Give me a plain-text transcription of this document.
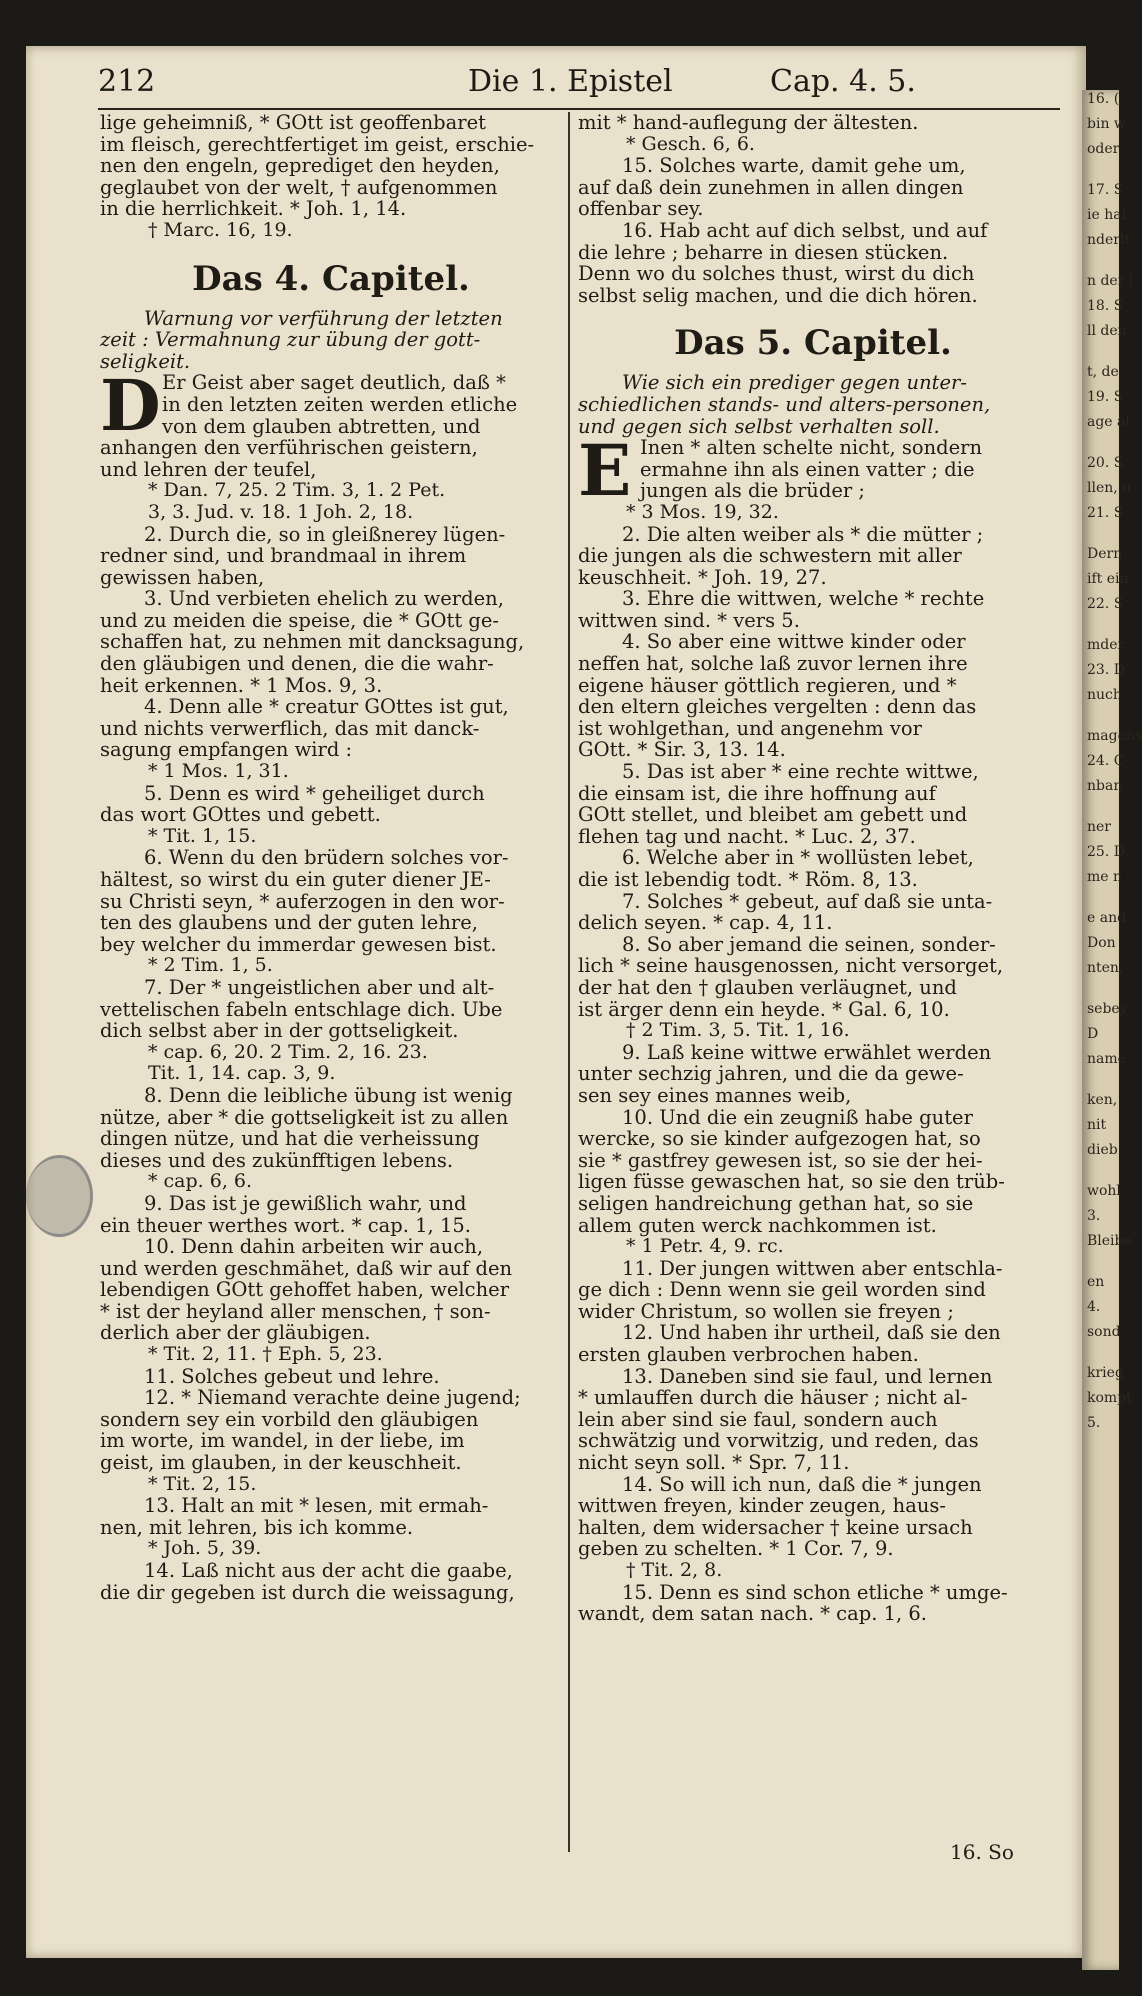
16. (
bin w
oder
17. S
ie hal
nderlt
n der l
18. S
ll den
t, de
19. S
age al
20. S
llen, u
21. S
Dern
ift ein
22. S
mder
23. D
nuch
magens
24. C
nbar,
ner
25. D
me n
e and
Don
nten,
sebey
D
name
ken,
nit
dieb
wohl
3.
Bleibe
en
4.
sond
krieg
kompt
5.
212	Die 1. Epistel	Cap. 4. 5.
lige geheimniß, * GOtt ist geoffenbaret
im fleisch, gerechtfertiget im geist, erschie-
nen den engeln, geprediget den heyden,
geglaubet von der welt, † aufgenommen
in die herrlichkeit. * Joh. 1, 14.
† Marc. 16, 19.
Das 4. Capitel.
Warnung vor verführung der letzten
zeit : Vermahnung zur übung der gott-
seligkeit.
D Er Geist aber saget deutlich, daß *
in den letzten zeiten werden etliche
von dem glauben abtretten, und
anhangen den verführischen geistern,
und lehren der teufel,
* Dan. 7, 25. 2 Tim. 3, 1. 2 Pet.
3, 3. Jud. v. 18. 1 Joh. 2, 18.
2. Durch die, so in gleißnerey lügen-
redner sind, und brandmaal in ihrem
gewissen haben,
3. Und verbieten ehelich zu werden,
und zu meiden die speise, die * GOtt ge-
schaffen hat, zu nehmen mit dancksagung,
den gläubigen und denen, die die wahr-
heit erkennen. * 1 Mos. 9, 3.
4. Denn alle * creatur GOttes ist gut,
und nichts verwerflich, das mit danck-
sagung empfangen wird :
* 1 Mos. 1, 31.
5. Denn es wird * geheiliget durch
das wort GOttes und gebett.
* Tit. 1, 15.
6. Wenn du den brüdern solches vor-
hältest, so wirst du ein guter diener JE-
su Christi seyn, * auferzogen in den wor-
ten des glaubens und der guten lehre,
bey welcher du immerdar gewesen bist.
* 2 Tim. 1, 5.
7. Der * ungeistlichen aber und alt-
vettelischen fabeln entschlage dich. Ube
dich selbst aber in der gottseligkeit.
* cap. 6, 20. 2 Tim. 2, 16. 23.
Tit. 1, 14. cap. 3, 9.
8. Denn die leibliche übung ist wenig
nütze, aber * die gottseligkeit ist zu allen
dingen nütze, und hat die verheissung
dieses und des zukünfftigen lebens.
* cap. 6, 6.
9. Das ist je gewißlich wahr, und
ein theuer werthes wort. * cap. 1, 15.
10. Denn dahin arbeiten wir auch,
und werden geschmähet, daß wir auf den
lebendigen GOtt gehoffet haben, welcher
* ist der heyland aller menschen, † son-
derlich aber der gläubigen.
* Tit. 2, 11. † Eph. 5, 23.
11. Solches gebeut und lehre.
12. * Niemand verachte deine jugend;
sondern sey ein vorbild den gläubigen
im worte, im wandel, in der liebe, im
geist, im glauben, in der keuschheit.
* Tit. 2, 15.
13. Halt an mit * lesen, mit ermah-
nen, mit lehren, bis ich komme.
* Joh. 5, 39.
14. Laß nicht aus der acht die gaabe,
die dir gegeben ist durch die weissagung,
mit * hand-auflegung der ältesten.
* Gesch. 6, 6.
15. Solches warte, damit gehe um,
auf daß dein zunehmen in allen dingen
offenbar sey.
16. Hab acht auf dich selbst, und auf
die lehre ; beharre in diesen stücken.
Denn wo du solches thust, wirst du dich
selbst selig machen, und die dich hören.
Das 5. Capitel.
Wie sich ein prediger gegen unter-
schiedlichen stands- und alters-personen,
und gegen sich selbst verhalten soll.
E Inen * alten schelte nicht, sondern
ermahne ihn als einen vatter ; die
jungen als die brüder ;
* 3 Mos. 19, 32.
2. Die alten weiber als * die mütter ;
die jungen als die schwestern mit aller
keuschheit. * Joh. 19, 27.
3. Ehre die wittwen, welche * rechte
wittwen sind. * vers 5.
4. So aber eine wittwe kinder oder
neffen hat, solche laß zuvor lernen ihre
eigene häuser göttlich regieren, und *
den eltern gleiches vergelten : denn das
ist wohlgethan, und angenehm vor
GOtt. * Sir. 3, 13. 14.
5. Das ist aber * eine rechte wittwe,
die einsam ist, die ihre hoffnung auf
GOtt stellet, und bleibet am gebett und
flehen tag und nacht. * Luc. 2, 37.
6. Welche aber in * wollüsten lebet,
die ist lebendig todt. * Röm. 8, 13.
7. Solches * gebeut, auf daß sie unta-
delich seyen. * cap. 4, 11.
8. So aber jemand die seinen, sonder-
lich * seine hausgenossen, nicht versorget,
der hat den † glauben verläugnet, und
ist ärger denn ein heyde. * Gal. 6, 10.
† 2 Tim. 3, 5. Tit. 1, 16.
9. Laß keine wittwe erwählet werden
unter sechzig jahren, und die da gewe-
sen sey eines mannes weib,
10. Und die ein zeugniß habe guter
wercke, so sie kinder aufgezogen hat, so
sie * gastfrey gewesen ist, so sie der hei-
ligen füsse gewaschen hat, so sie den trüb-
seligen handreichung gethan hat, so sie
allem guten werck nachkommen ist.
* 1 Petr. 4, 9. rc.
11. Der jungen wittwen aber entschla-
ge dich : Denn wenn sie geil worden sind
wider Christum, so wollen sie freyen ;
12. Und haben ihr urtheil, daß sie den
ersten glauben verbrochen haben.
13. Daneben sind sie faul, und lernen
* umlauffen durch die häuser ; nicht al-
lein aber sind sie faul, sondern auch
schwätzig und vorwitzig, und reden, das
nicht seyn soll. * Spr. 7, 11.
14. So will ich nun, daß die * jungen
wittwen freyen, kinder zeugen, haus-
halten, dem widersacher † keine ursach
geben zu schelten. * 1 Cor. 7, 9.
† Tit. 2, 8.
15. Denn es sind schon etliche * umge-
wandt, dem satan nach. * cap. 1, 6.
16. So
